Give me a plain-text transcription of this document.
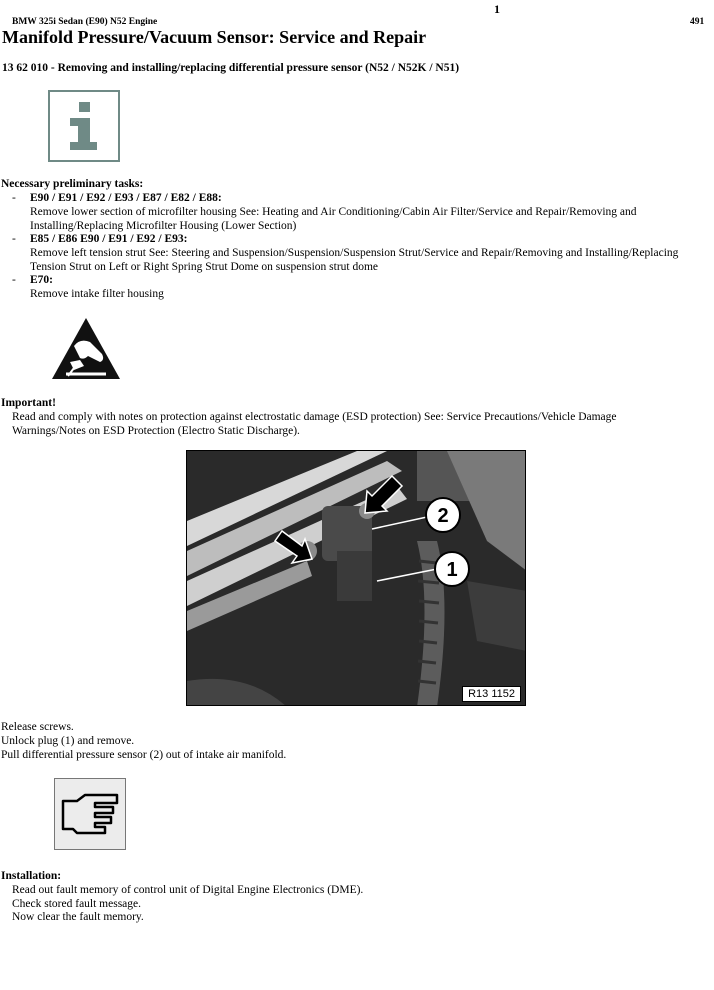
1
BMW 325i Sedan (E90) N52 Engine	491
Manifold Pressure/Vacuum Sensor: Service and Repair
13 62 010 - Removing and installing/replacing differential pressure sensor (N52 / N52K / N51)
Necessary preliminary tasks:
- E90 / E91 / E92 / E93 / E87 / E82 / E88:
Remove lower section of microfilter housing See: Heating and Air Conditioning/Cabin Air Filter/Service and Repair/Removing and
Installing/Replacing Microfilter Housing (Lower Section)
- E85 / E86 E90 / E91 / E92 / E93:
Remove left tension strut See: Steering and Suspension/Suspension/Suspension Strut/Service and Repair/Removing and Installing/Replacing
Tension Strut on Left or Right Spring Strut Dome on suspension strut dome
- E70:
Remove intake filter housing
Important!
Read and comply with notes on protection against electrostatic damage (ESD protection) See: Service Precautions/Vehicle Damage
Warnings/Notes on ESD Protection (Electro Static Discharge).
2
1
R13 1152
Release screws.
Unlock plug (1) and remove.
Pull differential pressure sensor (2) out of intake air manifold.
Installation:
Read out fault memory of control unit of Digital Engine Electronics (DME).
Check stored fault message.
Now clear the fault memory.
